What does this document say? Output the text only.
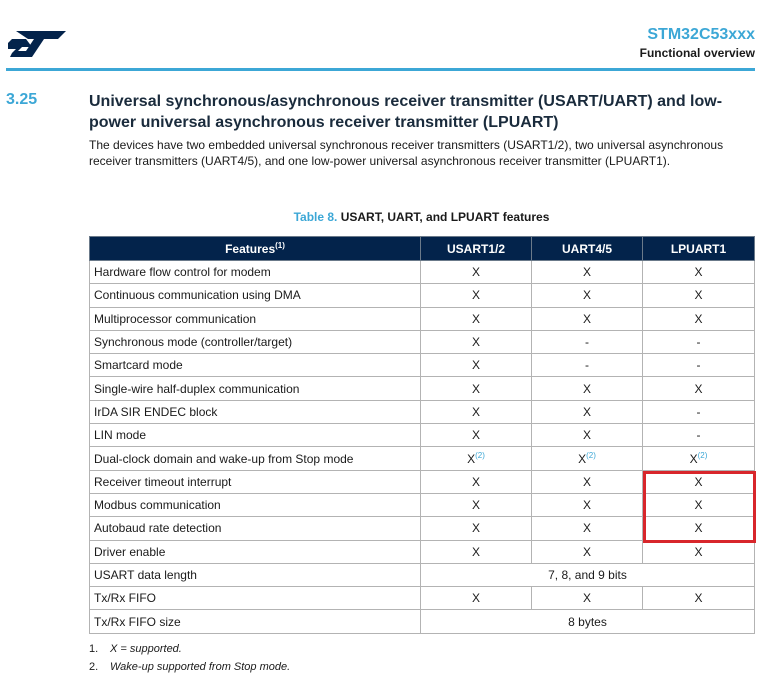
STM32C53xxx
Functional overview
3.25	Universal synchronous/asynchronous receiver transmitter (USART/UART) and low-power universal asynchronous receiver transmitter (LPUART)
The devices have two embedded universal synchronous receiver transmitters (USART1/2), two universal asynchronous receiver transmitters (UART4/5), and one low-power universal asynchronous receiver transmitter (LPUART1).
Table 8. USART, UART, and LPUART features
Features$^{(1)}$	USART1/2	UART4/5	LPUART1
Hardware flow control for modem	X	X	X
Continuous communication using DMA	X	X	X
Multiprocessor communication	X	X	X
Synchronous mode (controller/target)	X	-	-
Smartcard mode	X	-	-
Single-wire half-duplex communication	X	X	X
IrDA SIR ENDEC block	X	X	-
LIN mode	X	X	-
Dual-clock domain and wake-up from Stop mode	$X^{(2)}$	$X^{(2)}$	$X^{(2)}$
Receiver timeout interrupt	X	X	X
Modbus communication	X	X	X
Autobaud rate detection	X	X	X
Driver enable	X	X	X
USART data length	7, 8, and 9 bits		
Tx/Rx FIFO	X	X	X
Tx/Rx FIFO size	8 bytes		
1. X = supported.
2. Wake-up supported from Stop mode.
